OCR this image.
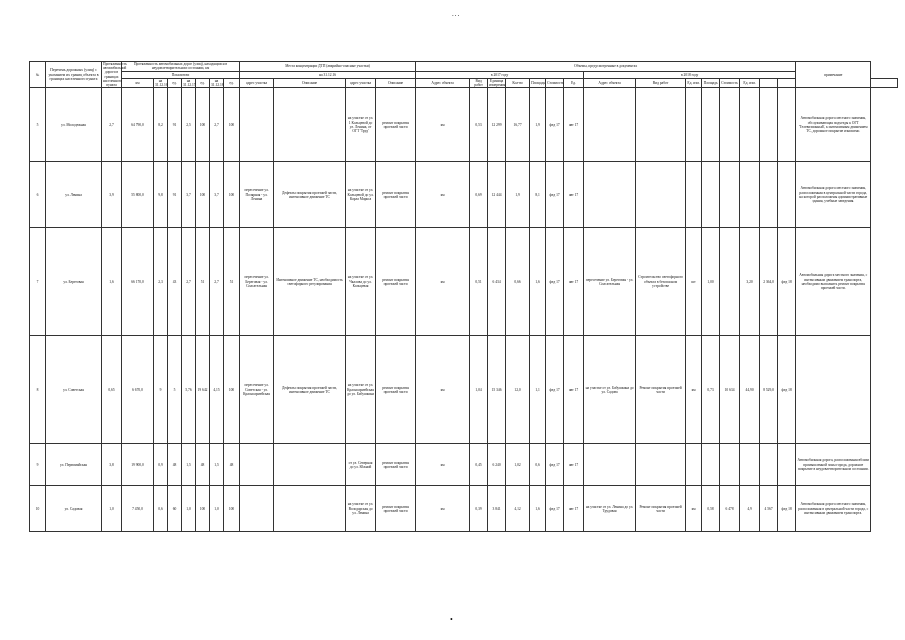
...
№	Перечень дорожных (улиц) с указанием их границ объекта в границах населенного пункта	Протяженность автомобильной дороги в границах населенного пункта	Протяженность автомобильных дорог (улиц), находящихся в неудовлетворительном состоянии, км							Места концентрации ДТП (аварийно-опасные участки)				Объемы, предусмотренные в документах															примечание	
			Показатели							на 31.12.16				в 2017 году							в 2018 году									
			км	на 31.12.16	ед.	на 31.12.17	ед.	на 31.12.18	ед.	адрес участка	Описание	адрес участка	Описание	Адрес объекта	Вид работ	Единица измерения	Кол-во	Площадь	Стоимость	Ед.	Адрес объекта	Вид работ	Ед. изм.	Площадь	Стоимость	Ед. изм.				
5	ул. Молодежная	2,7	64 790,0	8,2	91	2,5	100	2,7	100			на участке от ул. 1 Кольцевой до ул. Ленина, от ОГТ 'Труд'	ремонт покрытия проезжей части	км	0,53	12 299	16,77	1,9	фед 17	авт 17									Автомобильная дорога местного значения, обслуживающая подъезды к ОГТ 'Телевизионный', к интенсивным движением ТС, дорожное покрытие изношено.	
6	ул. Ленина	3,9	55 800,0	9,8	91	3,7	100	3,7	100	пересечение ул. Полярная - ул. Ленина	Дефекты покрытия проезжей части, интенсивное движение ТС	на участке от ул. Кольцевой до ул. Карла Маркса	ремонт покрытия проезжей части	км	0,69	12 444	1,9	8,1	фед 17	авт 17									Автомобильная дорога местного значения, расположенная в центральной части города, на которой расположены административные здания, учебные заведения.	
7	ул. Береговая	1,6	66 170,0	2,3	43	2,7	51	2,7	51	пересечение ул. Береговая - ул. Спасательная	Интенсивное движение ТС, необходимость светофорного регулирования	на участке от ул. Чкалова до ул. Кольцевая	ремонт покрытия проезжей части	км	0,51	6 434	0,66	1,6	фед 17	авт 17	пересечение ул. Береговая - ул. Спасательная	Строительство светофорного объекта в безопасном устройстве	шт	1,00		3,20	2 364,0	фед 18	Автомобильная дорога местного значения, с интенсивным движением транспорта, необходимо выполнить ремонт покрытия проезжей части.	
8	ул. Советская	0,65	6 670,0	9	5	5,76	19 642	4,15	100	пересечение ул. Советская - ул. Красноармейская	Дефекты покрытия проезжей части, интенсивное движение ТС	на участке от ул. Красноармейская до ул. Бабушкина	ремонт покрытия проезжей части	км	1,04	15 346	12,0	1,1	фед 17	авт 17	на участке от ул. Бабушкина до ул. Садова	Ремонт покрытия проезжей части	км	0,73	10 634	44,90	8 529,0	фед 18		
9	ул. Первомайская	3,8	19 900,0	0,9	48	1,5	48	1,5	48			от ул. Северная до ул. Южной	ремонт покрытия проезжей части	км	0,45	6 240	1,02	0,6	фед 17	авт 17									Автомобильная дорога, расположенная вблизи промышленной зоны города, дорожное покрытие в неудовлетворительном состоянии.	
10	ул. Садовая	1,0	7 450,0	0,6	60	1,0	100	1,0	100			на участке от ул. Володарская до ул. Ленина	ремонт покрытия проезжей части	км	0,39	3 841	4,12	1,6	фед 17	авт 17	на участке от ул. Ленина до ул. Трудовая	Ремонт покрытия проезжей части	км	0,58	6 478	4,9	4 567	фед 18	Автомобильная дорога местного значения, расположенная в центральной части города, с интенсивным движением транспорта.	
•
